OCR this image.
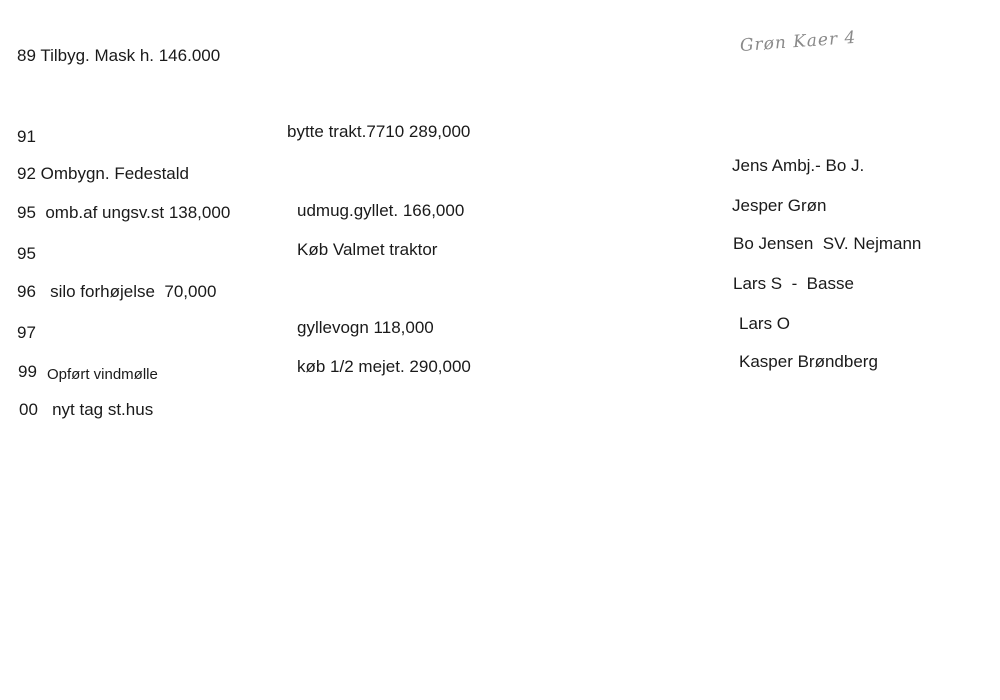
Grøn Kaer 4
89 Tilbyg. Mask h. 146.000
91
92 Ombygn. Fedestald
95  omb.af ungsv.st 138,000
95
96   silo forhøjelse  70,000
97
99 Opført vindmølle
00   nyt tag st.hus
bytte trakt.7710 289,000
udmug.gyllet. 166,000
Køb Valmet traktor
gyllevogn 118,000
køb 1/2 mejet. 290,000
Jens Ambj.- Bo J.
Jesper Grøn
Bo Jensen  SV. Nejmann
Lars S  -  Basse
Lars O
Kasper Brøndberg
